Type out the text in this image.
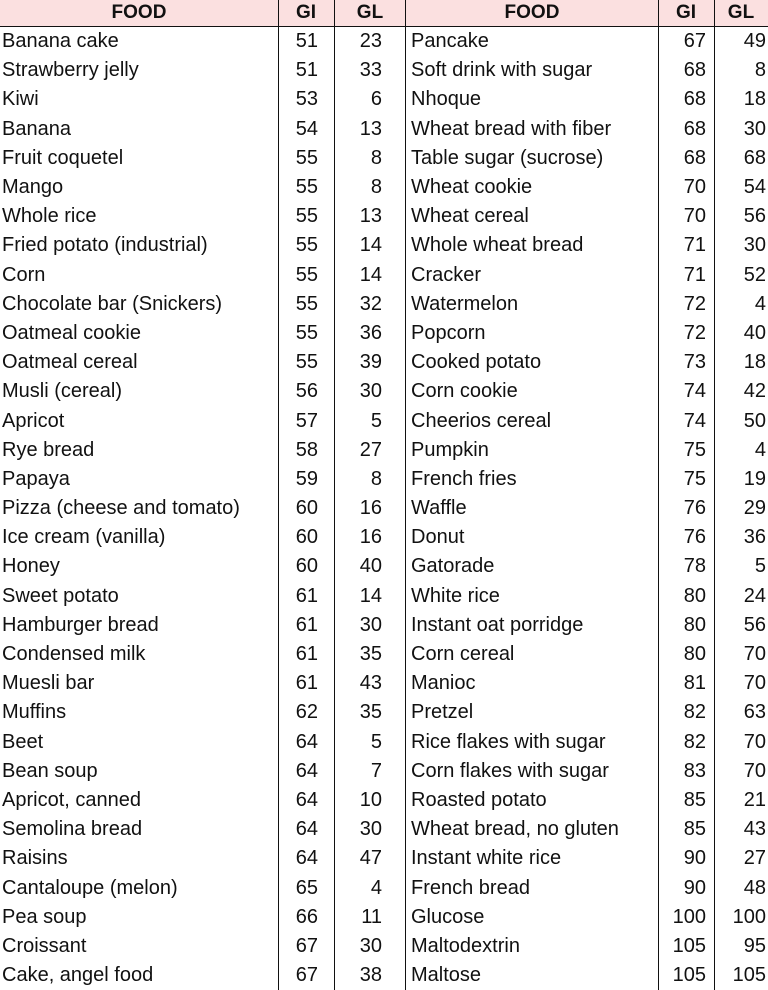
FOOD	GI	GL
Banana cake	51	23
Strawberry jelly	51	33
Kiwi	53	6
Banana	54	13
Fruit coquetel	55	8
Mango	55	8
Whole rice	55	13
Fried potato (industrial)	55	14
Corn	55	14
Chocolate bar (Snickers)	55	32
Oatmeal cookie	55	36
Oatmeal cereal	55	39
Musli (cereal)	56	30
Apricot	57	5
Rye bread	58	27
Papaya	59	8
Pizza (cheese and tomato)	60	16
Ice cream (vanilla)	60	16
Honey	60	40
Sweet potato	61	14
Hamburger bread	61	30
Condensed milk	61	35
Muesli bar	61	43
Muffins	62	35
Beet	64	5
Bean soup	64	7
Apricot, canned	64	10
Semolina bread	64	30
Raisins	64	47
Cantaloupe (melon)	65	4
Pea soup	66	11
Croissant	67	30
Cake, angel food	67	38
FOOD	GI	GL
Pancake	67	49
Soft drink with sugar	68	8
Nhoque	68	18
Wheat bread with fiber	68	30
Table sugar (sucrose)	68	68
Wheat cookie	70	54
Wheat cereal	70	56
Whole wheat bread	71	30
Cracker	71	52
Watermelon	72	4
Popcorn	72	40
Cooked potato	73	18
Corn cookie	74	42
Cheerios cereal	74	50
Pumpkin	75	4
French fries	75	19
Waffle	76	29
Donut	76	36
Gatorade	78	5
White rice	80	24
Instant oat porridge	80	56
Corn cereal	80	70
Manioc	81	70
Pretzel	82	63
Rice flakes with sugar	82	70
Corn flakes with sugar	83	70
Roasted potato	85	21
Wheat bread, no gluten	85	43
Instant white rice	90	27
French bread	90	48
Glucose	100	100
Maltodextrin	105	95
Maltose	105	105
